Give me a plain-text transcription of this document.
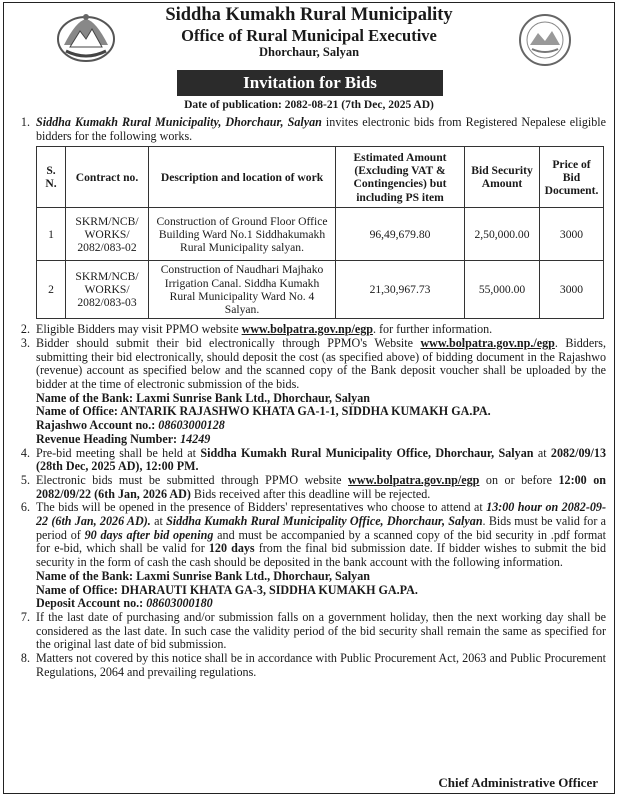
Siddha Kumakh Rural Municipality
Office of Rural Municipal Executive
Dhorchaur, Salyan
Invitation for Bids
Date of publication: 2082-08-21 (7th Dec, 2025 AD)
1. Siddha Kumakh Rural Municipality, Dhorchaur, Salyan invites electronic bids from Registered Nepalese eligible bidders for the following works.
S. N.	Contract no.	Description and location of work	Estimated Amount (Excluding VAT & Contingencies) but including PS item	Bid Security Amount	Price of Bid Document.
1	SKRM/NCB/ WORKS/ 2082/083-02	Construction of Ground Floor Office Building Ward No.1 Siddhakumakh Rural Municipality salyan.	96,49,679.80	2,50,000.00	3000
2	SKRM/NCB/ WORKS/ 2082/083-03	Construction of Naudhari Majhako Irrigation Canal. Siddha Kumakh Rural Municipality Ward No. 4 Salyan.	21,30,967.73	55,000.00	3000
2. Eligible Bidders may visit PPMO website www.bolpatra.gov.np/egp. for further information.
3. Bidder should submit their bid electronically through PPMO's Website www.bolpatra.gov.np./egp. Bidders, submitting their bid electronically, should deposit the cost (as specified above) of bidding document in the Rajashwo (revenue) account as specified below and the scanned copy of the Bank deposit voucher shall be uploaded by the bidder at the time of electronic submission of the bids.
Name of the Bank: Laxmi Sunrise Bank Ltd., Dhorchaur, Salyan
Name of Office: ANTARIK RAJASHWO KHATA GA-1-1, SIDDHA KUMAKH GA.PA.
Rajashwo Account no.: 08603000128
Revenue Heading Number: 14249
4. Pre-bid meeting shall be held at Siddha Kumakh Rural Municipality Office, Dhorchaur, Salyan at 2082/09/13 (28th Dec, 2025 AD), 12:00 PM.
5. Electronic bids must be submitted through PPMO website www.bolpatra.gov.np/egp on or before 12:00 on 2082/09/22 (6th Jan, 2026 AD) Bids received after this deadline will be rejected.
6. The bids will be opened in the presence of Bidders' representatives who choose to attend at 13:00 hour on 2082-09-22 (6th Jan, 2026 AD). at Siddha Kumakh Rural Municipality Office, Dhorchaur, Salyan. Bids must be valid for a period of 90 days after bid opening and must be accompanied by a scanned copy of the bid security in .pdf format for e-bid, which shall be valid for 120 days from the final bid submission date. If bidder wishes to submit the bid security in the form of cash the cash should be deposited in the bank account with the following information.
Name of the Bank: Laxmi Sunrise Bank Ltd., Dhorchaur, Salyan
Name of Office: DHARAUTI KHATA GA-3, SIDDHA KUMAKH GA.PA.
Deposit Account no.: 08603000180
7. If the last date of purchasing and/or submission falls on a government holiday, then the next working day shall be considered as the last date. In such case the validity period of the bid security shall remain the same as specified for the original last date of bid submission.
8. Matters not covered by this notice shall be in accordance with Public Procurement Act, 2063 and Public Procurement Regulations, 2064 and prevailing regulations.
Chief Administrative Officer
